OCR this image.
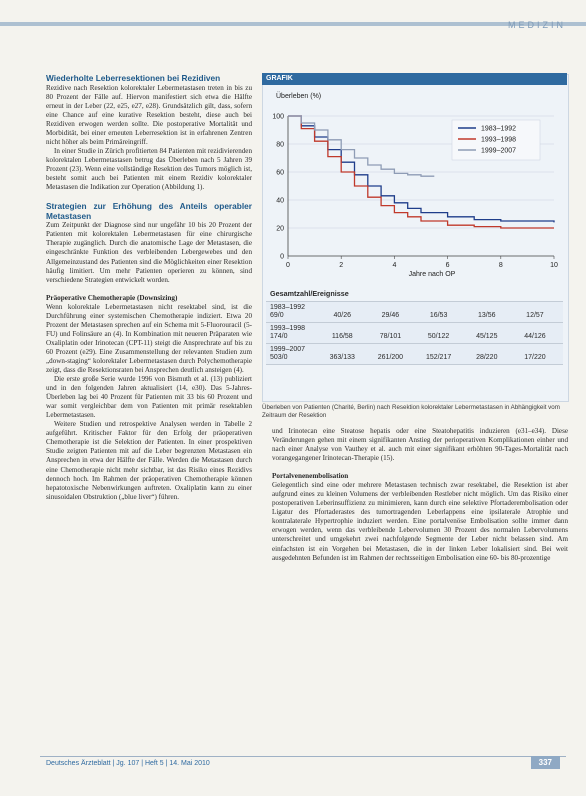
MEDIZIN
Wiederholte Leberresektionen bei Rezidiven

Rezidive nach Resektion kolorektaler Lebermetastasen treten in bis zu 80 Prozent der Fälle auf. Hiervon manifestiert sich etwa die Hälfte erneut in der Leber (22, e25, e27, e28). Grundsätzlich gilt, dass, sofern eine Chance auf eine kurative Resektion besteht, diese auch bei Rezidiven erwogen werden sollte. Die postoperative Mortalität und Morbidität, bei einer erneuten Leberresektion ist in erfahrenen Zentren nicht höher als beim Primäreingriff.

In einer Studie in Zürich profitierten 84 Patienten mit rezidivierenden kolorektalen Lebermetastasen betrug das Überleben nach 5 Jahren 39 Prozent (23). Wenn eine vollständige Resektion des Tumors möglich ist, besteht somit auch bei Patienten mit einem Rezidiv kolorektaler Metastasen die Indikation zur Operation (Abbildung 1).

Strategien zur Erhöhung des Anteils operabler Metastasen

Zum Zeitpunkt der Diagnose sind nur ungefähr 10 bis 20 Prozent der Patienten mit kolorektalen Lebermetastasen für eine chirurgische Therapie zugänglich. Durch die anatomische Lage der Metastasen, die eingeschränkte Funktion des verbleibenden Lebergewebes und den Allgemeinzustand des Patienten sind die Möglichkeiten einer Resektion häufig limitiert. Um mehr Patienten operieren zu können, sind verschiedene Strategien entwickelt worden.

Präoperative Chemotherapie (Downsizing)

Wenn kolorektale Lebermetastasen nicht resektabel sind, ist die Durchführung einer systemischen Chemotherapie indiziert. Etwa 20 Prozent der Metastasen sprechen auf ein Schema mit 5-Fluorouracil (5-FU) und Folinsäure an (4). In Kombination mit neueren Präparaten wie Oxaliplatin oder Irinotecan (CPT-11) steigt die Ansprechrate auf bis zu 60 Prozent (e29). Eine Zusammenstellung der relevanten Studien zum „down-staging“ kolorektaler Lebermetastasen durch Polychemotherapie zeigt, dass die Resektionsraten bei Ansprechen deutlich ansteigen (4).

Die erste große Serie wurde 1996 von Bismuth et al. (13) publiziert und in den folgenden Jahren aktualisiert (14, e30). Das 5-Jahres-Überleben lag bei 40 Prozent für Patienten mit 33 bis 60 Prozent und war somit vergleichbar dem von Patienten mit primär resektablen Lebermetastasen.

Weitere Studien und retrospektive Analysen werden in Tabelle 2 aufgeführt. Kritischer Faktor für den Erfolg der präoperativen Chemotherapie ist die Selektion der Patienten. In einer prospektiven Studie zeigten Patienten mit auf die Leber begrenzten Metastasen ein Ansprechen in etwa der Hälfte der Fälle. Werden die Metastasen durch eine Chemotherapie nicht mehr sichtbar, ist das Risiko eines Rezidivs dennoch hoch. Im Rahmen der präoperativen Chemotherapie können hepatotoxische Nebenwirkungen auftreten. Oxaliplatin kann zu einer sinusoidalen Obstruktion („blue liver“) führen.

GRAFIK
Überleben (%)
0
20
40
60
80
100
0	2	4	6	8	10
1983–1992
1993–1998
1999–2007
Jahre nach OP
Gesamtzahl/Ereignisse
1983–1992
69/0	40/26	29/46	16/53	13/56	12/57
1993–1998
174/0	116/58	78/101	50/122	45/125	44/126
1999–2007
503/0	363/133	261/200	152/217	28/220	17/220
Überleben von Patienten (Charité, Berlin) nach Resektion kolorektaler Lebermetastasen in Abhängigkeit vom Zeitraum der Resektion

und Irinotecan eine Steatose hepatis oder eine Steatohepatitis induzieren (e31–e34). Diese Veränderungen gehen mit einem signifikanten Anstieg der perioperativen Komplikationen einher und nach einer Analyse von Vauthey et al. auch mit einer signifikant erhöhten 90-Tages-Mortalität nach vorangegangener Irinotecan-Therapie (15).

Portalvenenembolisation

Gelegentlich sind eine oder mehrere Metastasen technisch zwar resektabel, die Resektion ist aber aufgrund eines zu kleinen Volumens der verbleibenden Restleber nicht möglich. Um das Risiko einer postoperativen Leberinsuffizienz zu minimieren, kann durch eine selektive Pfortaderembolisation oder Ligatur des Pfortaderastes des tumortragenden Leberlappens eine ipsilaterale Atrophie und kontralaterale Hypertrophie induziert werden. Eine portalvenöse Embolisation sollte immer dann erwogen werden, wenn das verbleibende Lebervolumen 30 Prozent des normalen Lebervolumens unterschreitet und umgekehrt zwei nachfolgende Segmente der Leber nicht belassen sind. Am einfachsten ist ein Vorgehen bei Metastasen, die in der linken Leber lokalisiert sind. Bei weit ausgedehnten Befunden ist im Rahmen der rechtsseitigen Embolisation eine 60- bis 80-prozentige

Deutsches Ärzteblatt | Jg. 107 | Heft 5 | 14. Mai 2010	337
